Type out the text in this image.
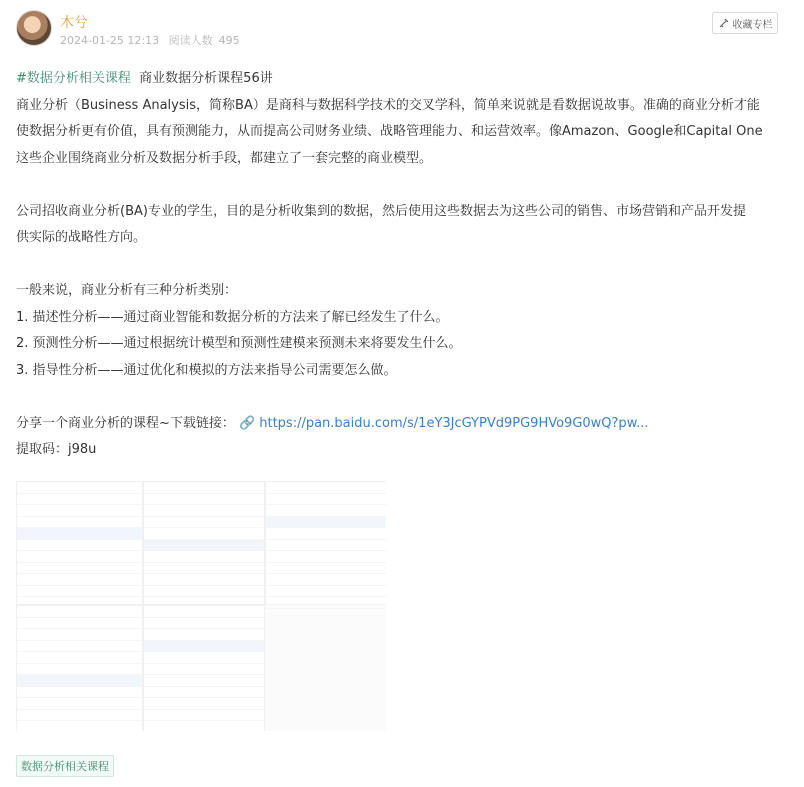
木兮
2024-01-25 12:13 阅读人数 495
收藏专栏

#数据分析相关课程 商业数据分析课程56讲

商业分析（Business Analysis，简称BA）是商科与数据科学技术的交叉学科，简单来说就是看数据说故事。准确的商业分析才能

使数据分析更有价值，具有预测能力，从而提高公司财务业绩、战略管理能力、和运营效率。像Amazon、Google和Capital One

这些企业围绕商业分析及数据分析手段，都建立了一套完整的商业模型。

公司招收商业分析(BA)专业的学生，目的是分析收集到的数据，然后使用这些数据去为这些公司的销售、市场营销和产品开发提

供实际的战略性方向。

一般来说，商业分析有三种分析类别：

1. 描述性分析——通过商业智能和数据分析的方法来了解已经发生了什么。

2. 预测性分析——通过根据统计模型和预测性建模来预测未来将要发生什么。

3. 指导性分析——通过优化和模拟的方法来指导公司需要怎么做。

分享一个商业分析的课程~下载链接： 🔗 https://pan.baidu.com/s/1eY3JcGYPVd9PG9HVo9G0wQ?pw...

提取码：j98u

数据分析相关课程
